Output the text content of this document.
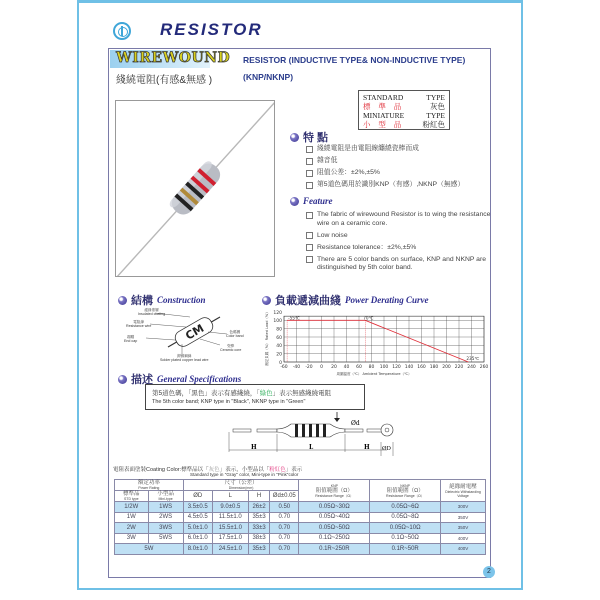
RESISTOR
WIREWOUND RESISTOR (INDUCTIVE TYPE& NON-INDUCTIVE TYPE)
(KNP/NKNP)
綫繞電阻(有感&無感 )
STANDARD	TYPE
標 準 品	灰色
MINIATURE	TYPE
小 型 品 粉紅色
特 點
綫繞電阻是由電阻線纏繞瓷棒而成
雜音低
阻值公差：±2%,±5%
第5道色碼用於識別KNP（有感）,NKNP（無感）
Feature
The fabric of wirewound Resistor is to wing the resistance wire on a ceramic core.
Low noise
Resistance tolerance：±2%,±5%
There are 5 color bands on surface, KNP and NKNP are distinguished by 5th color band.
結構 Construction
CM
絕緣塗層
Insulated coating
電阻線
Resistance wire
端帽
End cap
銲錫銅線
Solder plated copper lead wire
色碼圈
Color band
瓷棒
Ceramic core
負載遞減曲綫 Power Derating Curve
0
20
40
60
80
100
120
-60 -40 -20 0 20 40 60 80 100 120 140 160 180 200 220 240 260
-55℃	70℃
235℃
額定負載（%） Rated Load（%）
周圍溫度（℃） Ambient Temperature（℃）
描述 General Specifications
第5道色碼，「黑色」表示有感綫繞，「綠色」表示無感綫繞電阻
The 5th color band; KNP type in "Black", NKNP type in "Green"
H	L	H
Ød
ØD
電阻表面塗裝Coating Color:標準品以「灰色」表示，小型品以「粉紅色」表示
Standard type in "Gray" color, Mini-type in "Pink"color
額定功率
Power Rating		尺寸（公差）
Dimension(mm)				KNP
阻值範圍（Ω）
Resistance Range（Ω）	NKNP
阻值範圍（Ω）
Resistance Range（Ω）	絕緣耐電壓
Dielectric Withstanding Voltage

標準品
STD type	小型品
Mini-type	ØD	L	H	Ød±0.05			
1/2W	1WS	3.5±0.5	9.0±0.5	26±2	0.50	0.05Ω~30Ω	0.05Ω~6Ω	300V
1W	2WS	4.5±0.5	11.5±1.0	35±3	0.70	0.05Ω~40Ω	0.05Ω~8Ω	350V
2W	3WS	5.0±1.0	15.5±1.0	33±3	0.70	0.05Ω~50Ω	0.05Ω~10Ω	350V
3W	5WS	6.0±1.0	17.5±1.0	38±3	0.70	0.1Ω~250Ω	0.1Ω~50Ω	400V
5W		8.0±1.0	24.5±1.0	35±3	0.70	0.1R~250R	0.1R~50R	400V
2
